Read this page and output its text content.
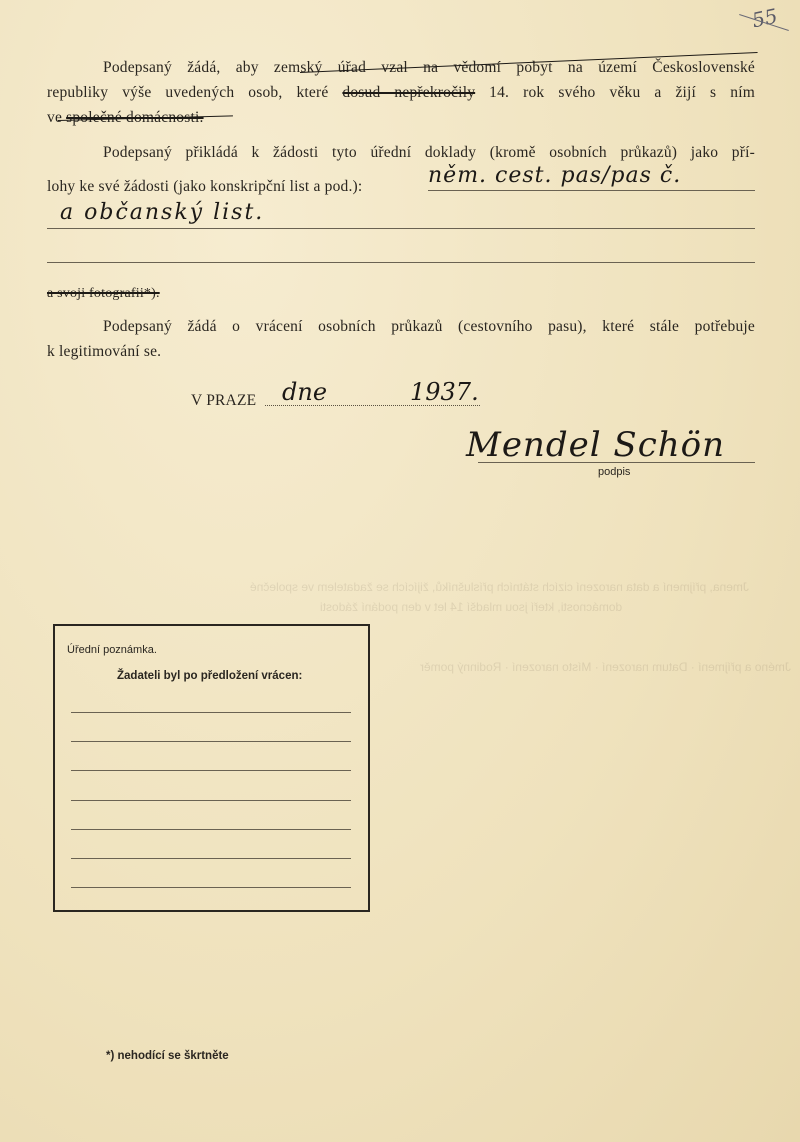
Jmena, příjmení a data narození cizích státních příslušníků, žijících se žadatelem ve společné
domácnosti, kteří jsou mladší 14 let v den podání žádosti
Jméno a příjmení · Datum narození · Místo narození · Rodinný poměr
55
Podepsaný žádá, aby zemský úřad vzal na vědomí pobyt na území Československé
republiky výše uvedených osob, které dosud nepřekročily 14. rok svého věku a žijí s ním
ve společné domácnosti.
Podepsaný přikládá k žádosti tyto úřední doklady (kromě osobních průkazů) jako pří-
lohy ke své žádosti (jako konskripční list a pod.):	něm. cest. pas/pas č.
a občanský list.
a svoji fotografii*).
Podepsaný žádá o vrácení osobních průkazů (cestovního pasu), které stále potřebuje
k legitimování se.
V PRAZE dne	1937.
Mendel Schön
podpis
Úřední poznámka.
Žadateli byl po předložení vrácen:
*) nehodící se škrtněte
